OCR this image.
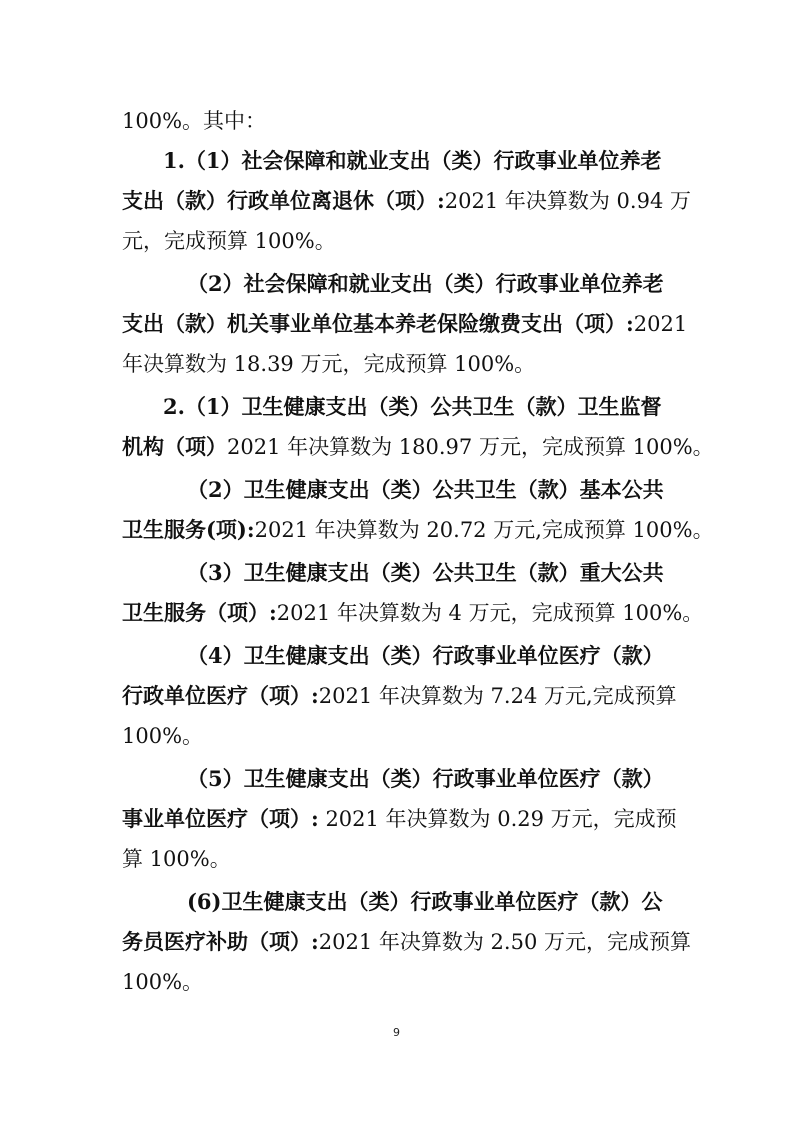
100%。其中：

1.（1）社会保障和就业支出（类）行政事业单位养老

支出（款）行政单位离退休（项）:2021 年决算数为 0.94 万

元，完成预算 100%。

（2）社会保障和就业支出（类）行政事业单位养老

支出（款）机关事业单位基本养老保险缴费支出（项）:2021

年决算数为 18.39 万元，完成预算 100%。

2.（1）卫生健康支出（类）公共卫生（款）卫生监督

机构（项）2021 年决算数为 180.97 万元，完成预算 100%。

（2）卫生健康支出（类）公共卫生（款）基本公共

卫生服务(项):2021 年决算数为 20.72 万元,完成预算 100%。

（3）卫生健康支出（类）公共卫生（款）重大公共

卫生服务（项）:2021 年决算数为 4 万元，完成预算 100%。

（4）卫生健康支出（类）行政事业单位医疗（款）

行政单位医疗（项）:2021 年决算数为 7.24 万元,完成预算

100%。

（5）卫生健康支出（类）行政事业单位医疗（款）

事业单位医疗（项）: 2021 年决算数为 0.29 万元，完成预

算 100%。

(6)卫生健康支出（类）行政事业单位医疗（款）公

务员医疗补助（项）:2021 年决算数为 2.50 万元，完成预算

100%。

9
